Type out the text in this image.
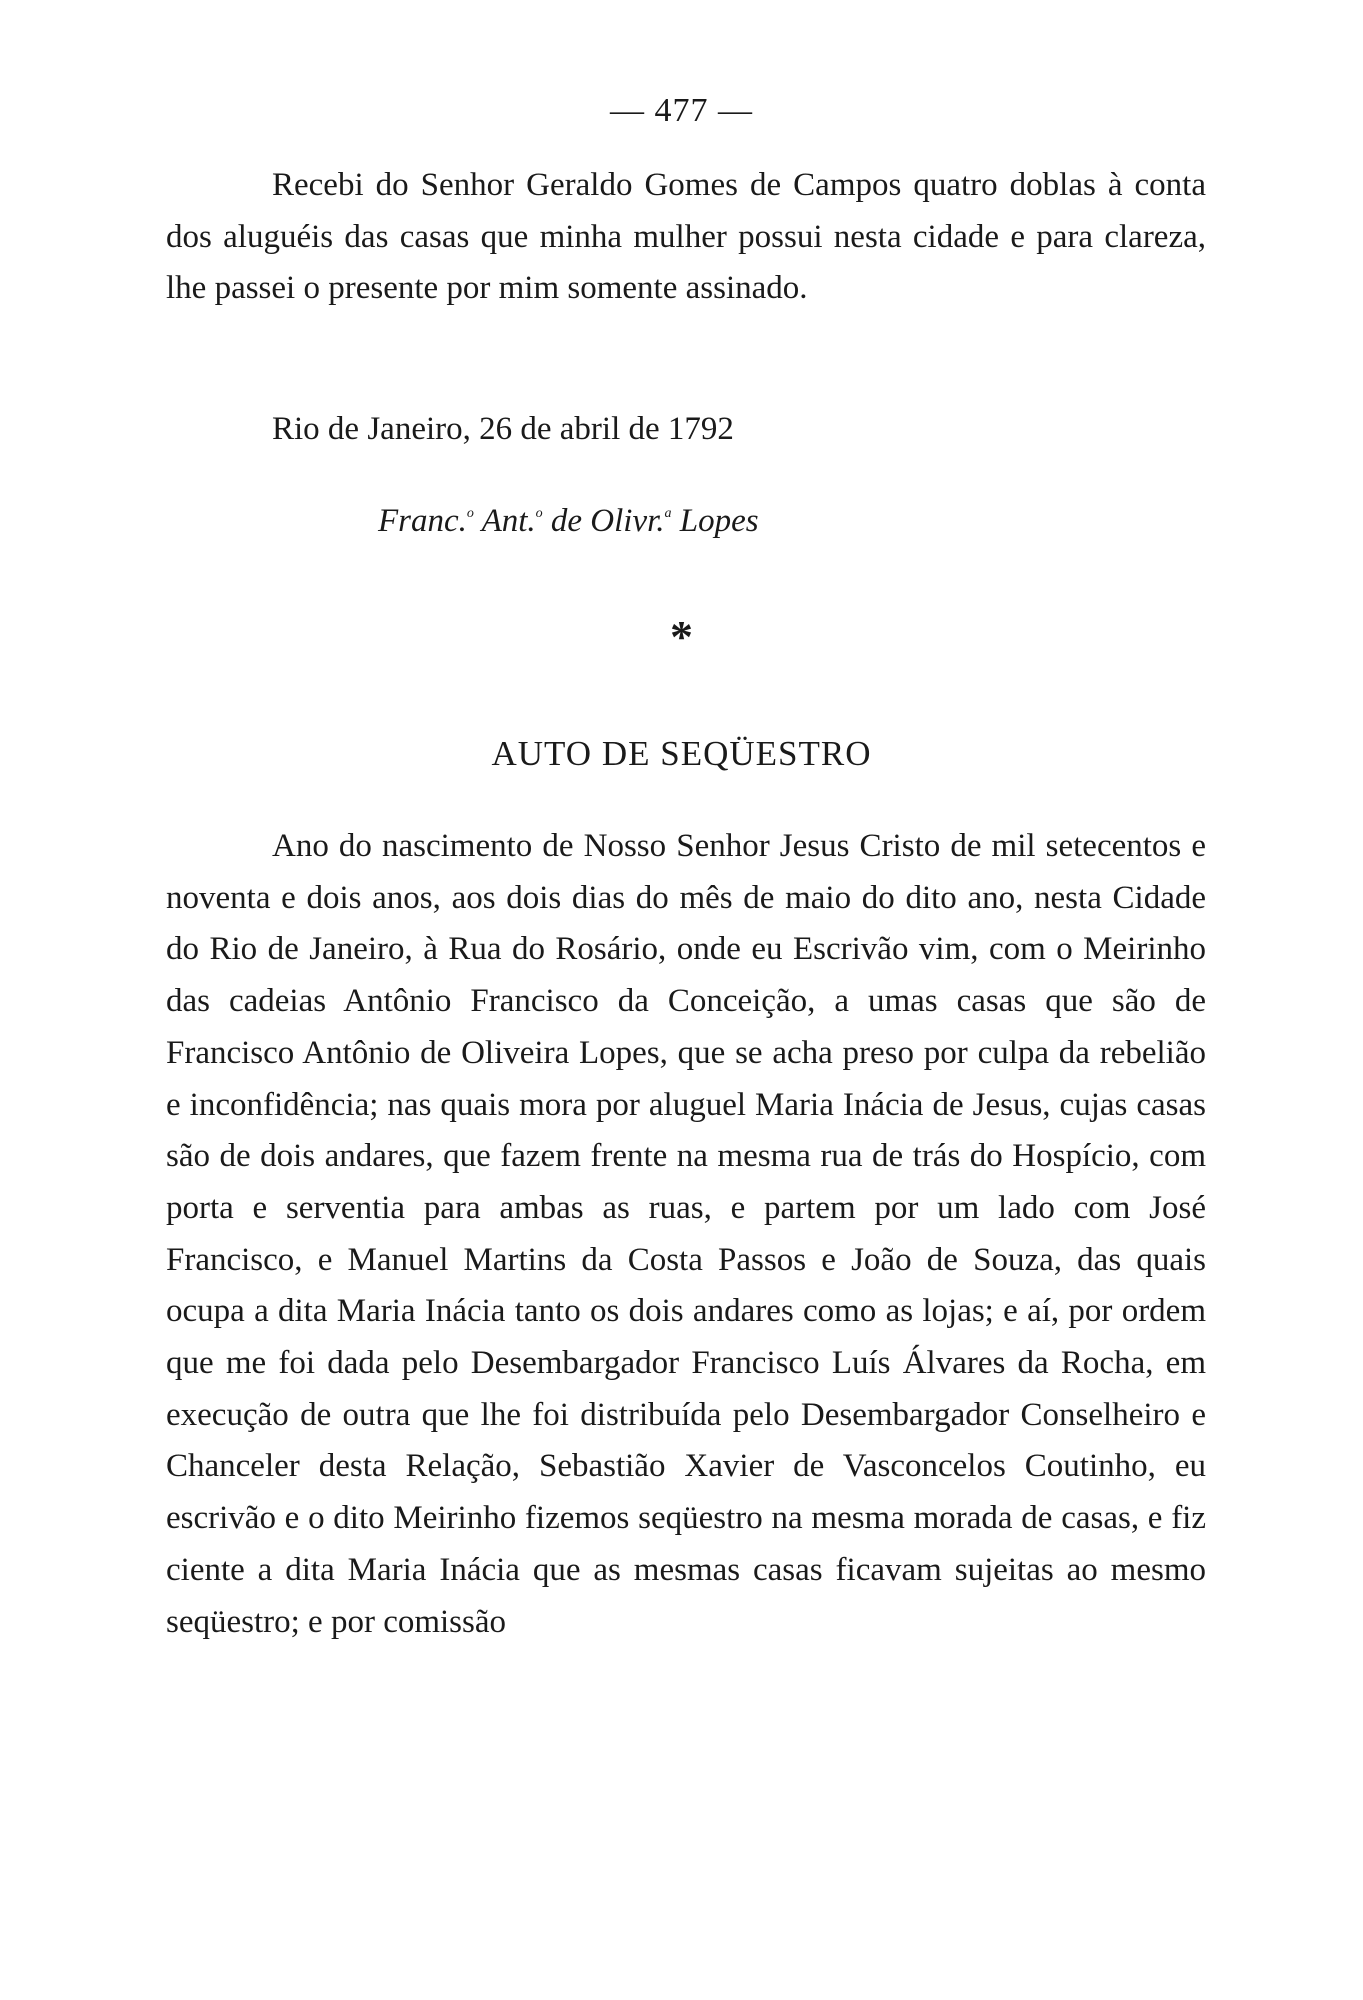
— 477 —

Recebi do Senhor Geraldo Gomes de Campos quatro doblas à conta dos aluguéis das casas que minha mulher possui nesta cidade e para clareza, lhe passei o presente por mim somente assinado.

Rio de Janeiro, 26 de abril de 1792
Franc.$^o$ Ant.$^o$ de Olivr.$^a$ Lopes
*
AUTO DE SEQÜESTRO

Ano do nascimento de Nosso Senhor Jesus Cristo de mil setecentos e noventa e dois anos, aos dois dias do mês de maio do dito ano, nesta Cidade do Rio de Janeiro, à Rua do Rosário, onde eu Escrivão vim, com o Meirinho das cadeias Antônio Francisco da Conceição, a umas casas que são de Francisco Antônio de Oliveira Lopes, que se acha preso por culpa da rebelião e inconfidência; nas quais mora por aluguel Maria Inácia de Jesus, cujas casas são de dois andares, que fazem frente na mesma rua de trás do Hospício, com porta e serventia para ambas as ruas, e partem por um lado com José Francisco, e Manuel Martins da Costa Passos e João de Souza, das quais ocupa a dita Maria Inácia tanto os dois andares como as lojas; e aí, por ordem que me foi dada pelo Desembargador Francisco Luís Álvares da Rocha, em execução de outra que lhe foi distribuída pelo Desembargador Conselheiro e Chanceler desta Relação, Sebastião Xavier de Vasconcelos Coutinho, eu escrivão e o dito Meirinho fizemos seqüestro na mesma morada de casas, e fiz ciente a dita Maria Inácia que as mesmas casas ficavam sujeitas ao mesmo seqüestro; e por comissão
